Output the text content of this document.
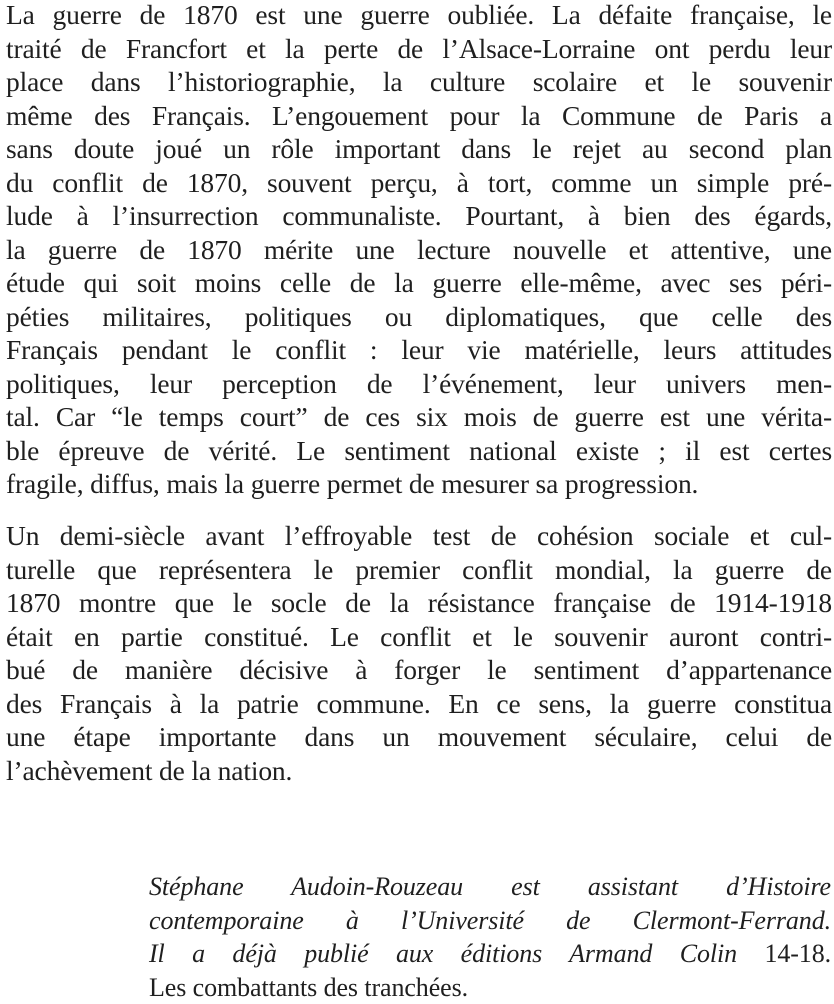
La guerre de 1870 est une guerre oubliée. La défaite française, le
traité de Francfort et la perte de l’Alsace-Lorraine ont perdu leur
place dans l’historiographie, la culture scolaire et le souvenir
même des Français. L’engouement pour la Commune de Paris a
sans doute joué un rôle important dans le rejet au second plan
du conflit de 1870, souvent perçu, à tort, comme un simple pré-
lude à l’insurrection communaliste. Pourtant, à bien des égards,
la guerre de 1870 mérite une lecture nouvelle et attentive, une
étude qui soit moins celle de la guerre elle-même, avec ses péri-
péties militaires, politiques ou diplomatiques, que celle des
Français pendant le conflit : leur vie matérielle, leurs attitudes
politiques, leur perception de l’événement, leur univers men-
tal. Car “le temps court” de ces six mois de guerre est une vérita-
ble épreuve de vérité. Le sentiment national existe ; il est certes
fragile, diffus, mais la guerre permet de mesurer sa progression.

Un demi-siècle avant l’effroyable test de cohésion sociale et cul-
turelle que représentera le premier conflit mondial, la guerre de
1870 montre que le socle de la résistance française de 1914-1918
était en partie constitué. Le conflit et le souvenir auront contri-
bué de manière décisive à forger le sentiment d’appartenance
des Français à la patrie commune. En ce sens, la guerre constitua
une étape importante dans un mouvement séculaire, celui de
l’achèvement de la nation.

Stéphane Audoin-Rouzeau est assistant d’Histoire
contemporaine à l’Université de Clermont-Ferrand.
Il a déjà publié aux éditions Armand Colin 14-18.
Les combattants des tranchées.
